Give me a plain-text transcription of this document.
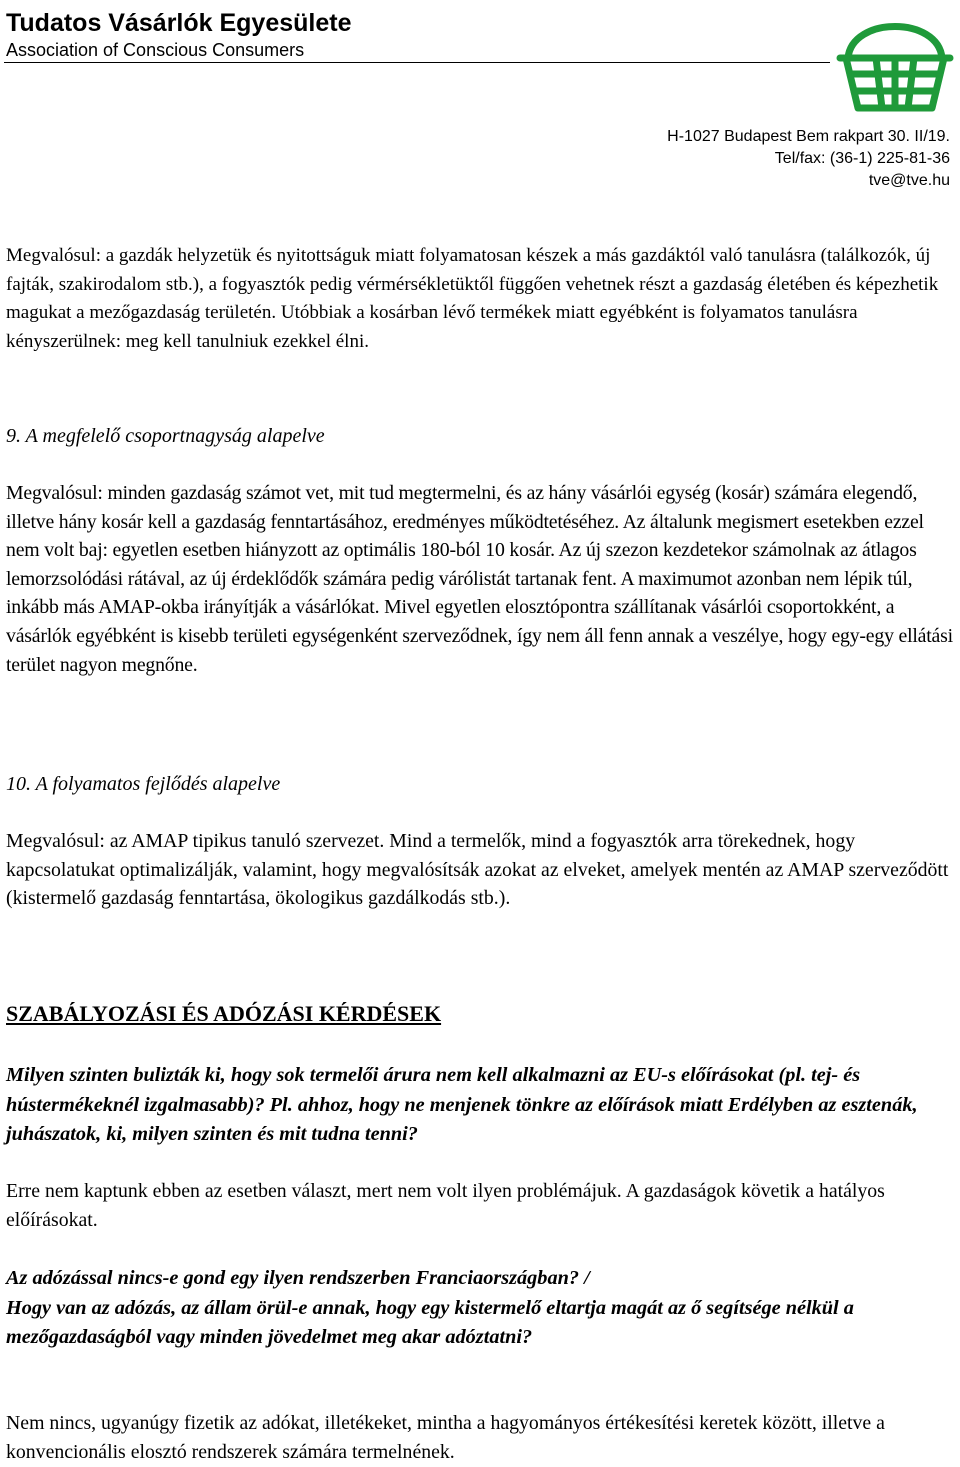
Tudatos Vásárlók Egyesülete
Association of Conscious Consumers
H-1027 Budapest Bem rakpart 30. II/19.
Tel/fax: (36-1) 225-81-36
tve@tve.hu
Megvalósul: a gazdák helyzetük és nyitottságuk miatt folyamatosan készek a más gazdáktól való tanulásra (találkozók, új fajták, szakirodalom stb.), a fogyasztók pedig vérmérsékletüktől függően vehetnek részt a gazdaság életében és képezhetik magukat a mezőgazdaság területén. Utóbbiak a kosárban lévő termékek miatt egyébként is folyamatos tanulásra kényszerülnek: meg kell tanulniuk ezekkel élni.
9. A megfelelő csoportnagyság alapelve
Megvalósul: minden gazdaság számot vet, mit tud megtermelni, és az hány vásárlói egység (kosár) számára elegendő, illetve hány kosár kell a gazdaság fenntartásához, eredményes működtetéséhez. Az általunk megismert esetekben ezzel nem volt baj: egyetlen esetben hiányzott az optimális 180-ból 10 kosár. Az új szezon kezdetekor számolnak az átlagos lemorzsolódási rátával, az új érdeklődők számára pedig várólistát tartanak fent. A maximumot azonban nem lépik túl, inkább más AMAP-okba irányítják a vásárlókat. Mivel egyetlen elosztópontra szállítanak vásárlói csoportokként, a vásárlók egyébként is kisebb területi egységenként szerveződnek, így nem áll fenn annak a veszélye, hogy egy-egy ellátási terület nagyon megnőne.
10. A folyamatos fejlődés alapelve
Megvalósul: az AMAP tipikus tanuló szervezet. Mind a termelők, mind a fogyasztók arra törekednek, hogy kapcsolatukat optimalizálják, valamint, hogy megvalósítsák azokat az elveket, amelyek mentén az AMAP szerveződött (kistermelő gazdaság fenntartása, ökologikus gazdálkodás stb.).
SZABÁLYOZÁSI ÉS ADÓZÁSI KÉRDÉSEK
Milyen szinten bulizták ki, hogy sok termelői árura nem kell alkalmazni az EU-s előírásokat (pl. tej- és hústermékeknél izgalmasabb)? Pl. ahhoz, hogy ne menjenek tönkre az előírások miatt Erdélyben az esztenák, juhászatok, ki, milyen szinten és mit tudna tenni?
Erre nem kaptunk ebben az esetben választ, mert nem volt ilyen problémájuk. A gazdaságok követik a hatályos előírásokat.
Az adózással nincs-e gond egy ilyen rendszerben Franciaországban? /
Hogy van az adózás, az állam örül-e annak, hogy egy kistermelő eltartja magát az ő segítsége nélkül a mezőgazdaságból vagy minden jövedelmet meg akar adóztatni?
Nem nincs, ugyanúgy fizetik az adókat, illetékeket, mintha a hagyományos értékesítési keretek között, illetve a konvencionális elosztó rendszerek számára termelnének.
